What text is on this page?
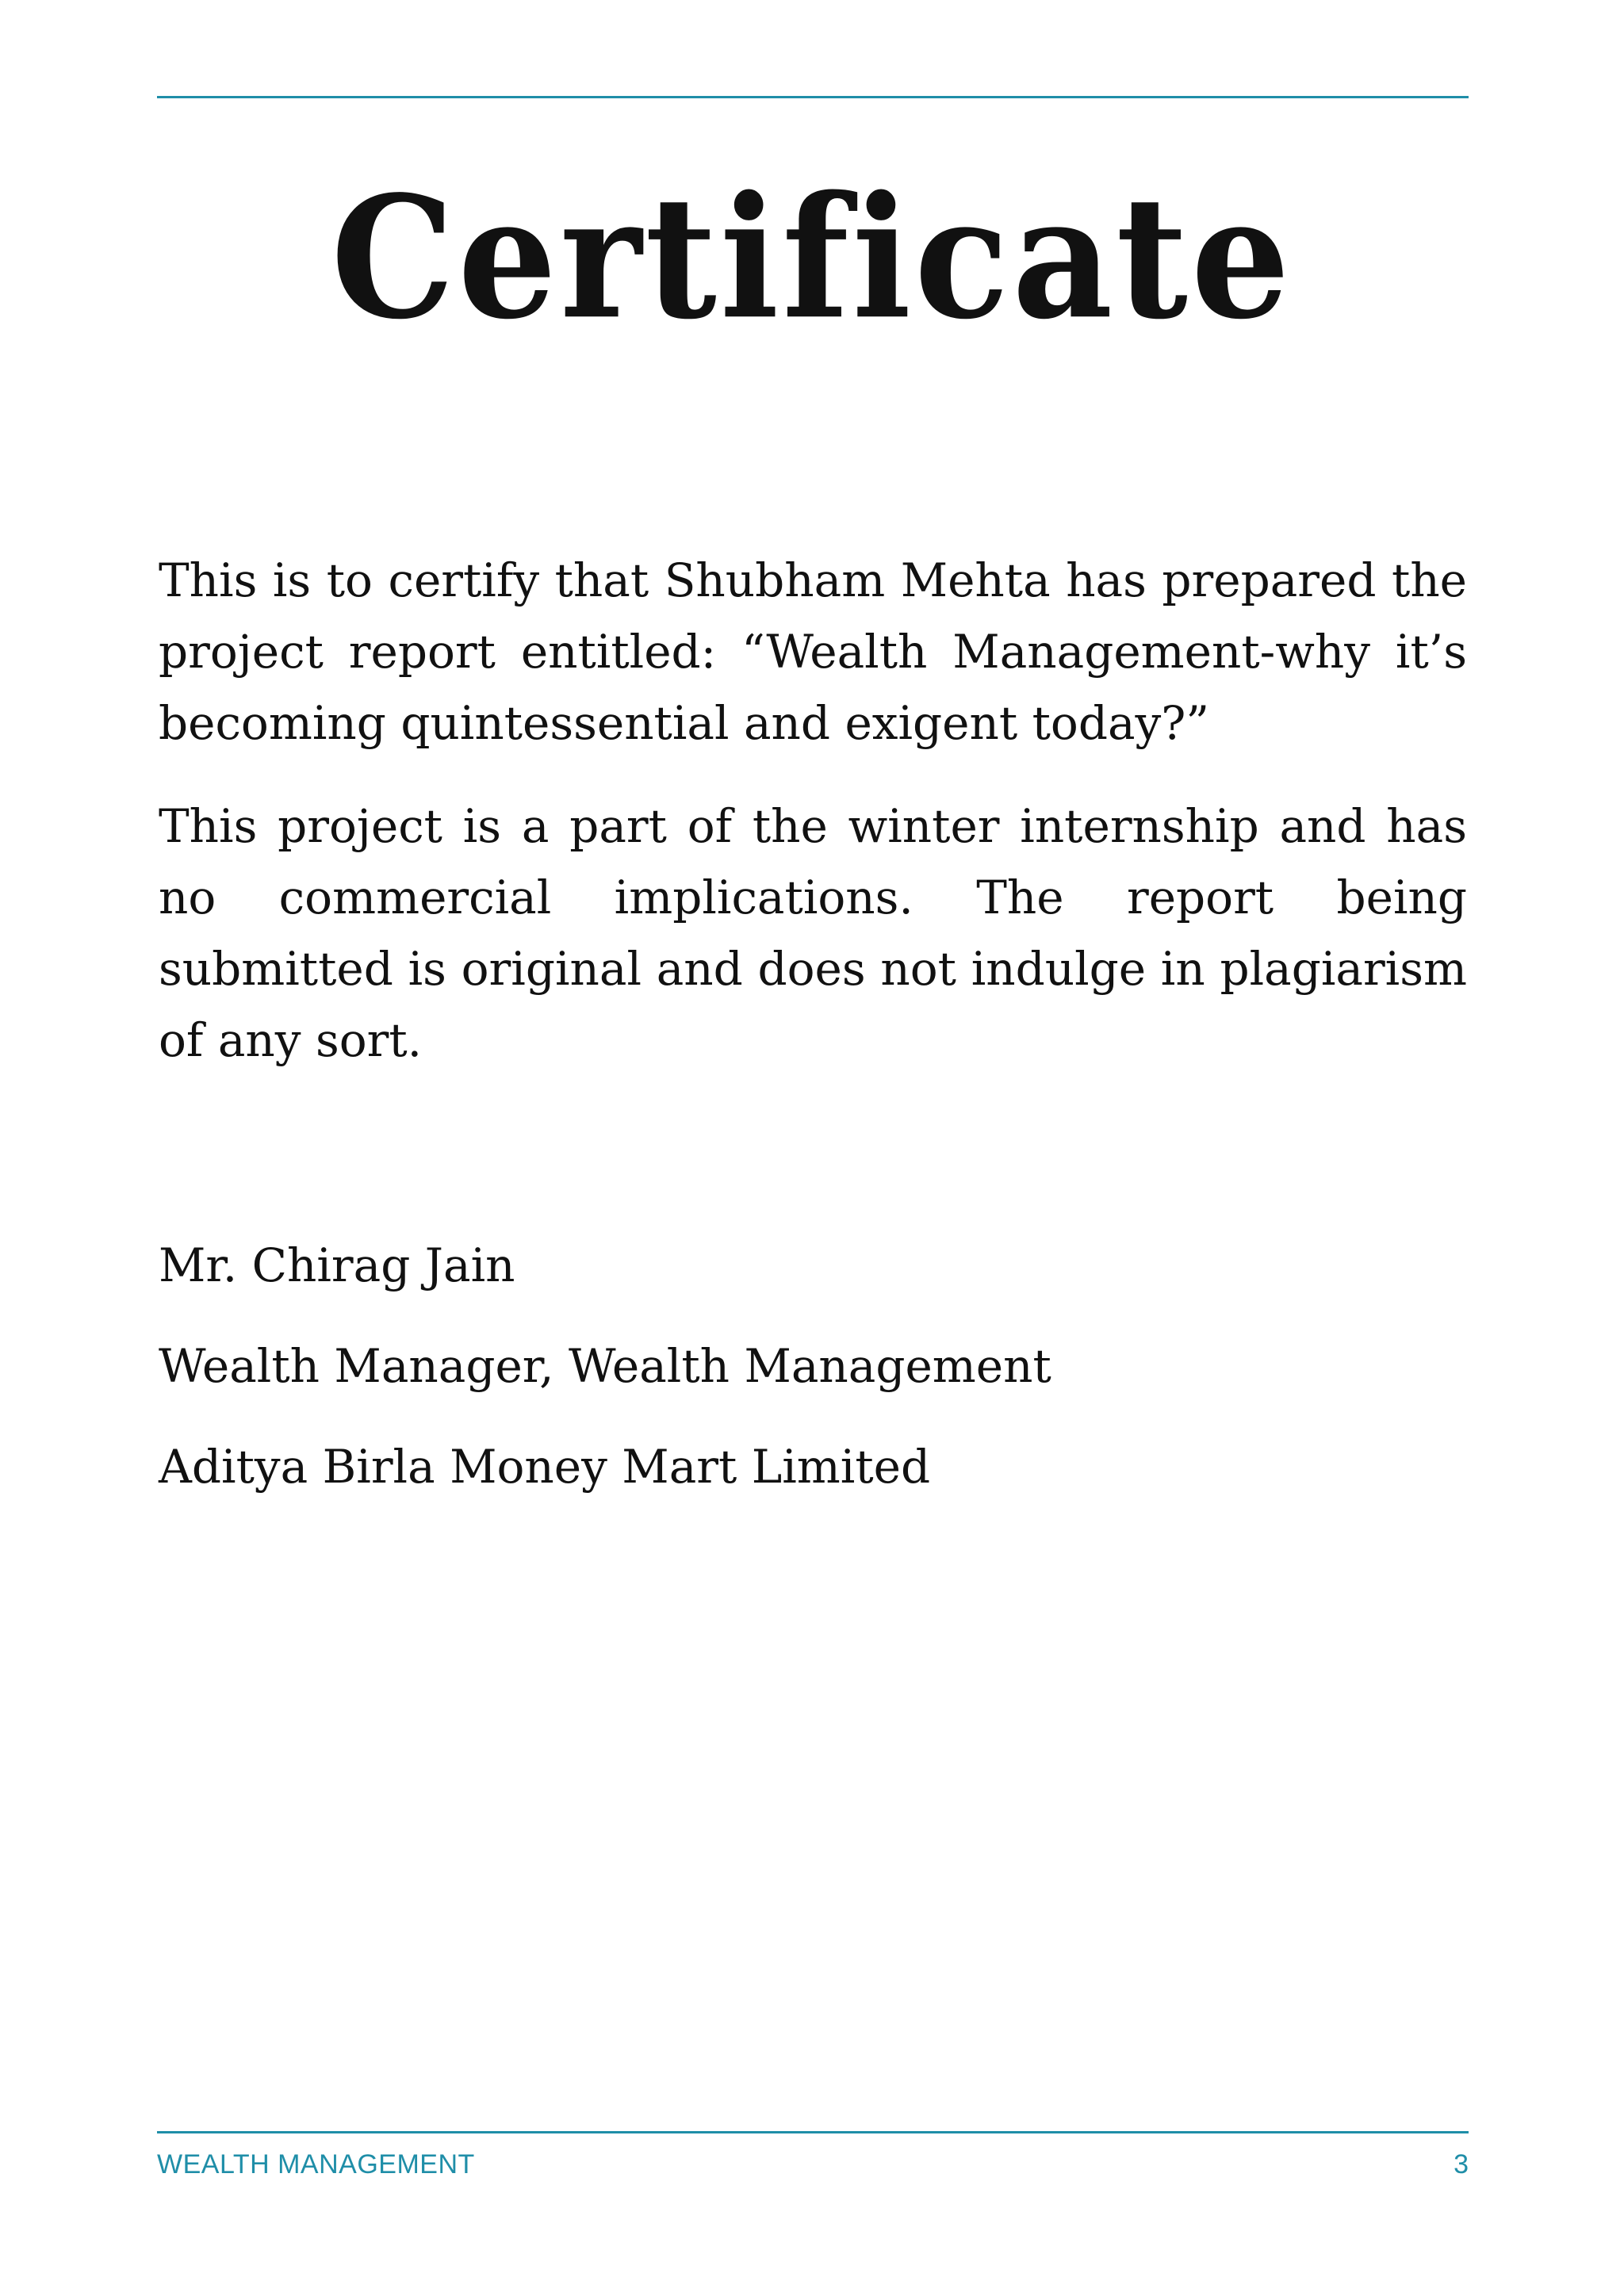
Certificate

This is to certify that Shubham Mehta has prepared the project report entitled: “Wealth Management-why it’s becoming quintessential and exigent today?”

This project is a part of the winter internship and has no commercial implications. The report being submitted is original and does not indulge in plagiarism of any sort.

Mr. Chirag Jain

Wealth Manager, Wealth Management

Aditya Birla Money Mart Limited

WEALTH MANAGEMENT	3
